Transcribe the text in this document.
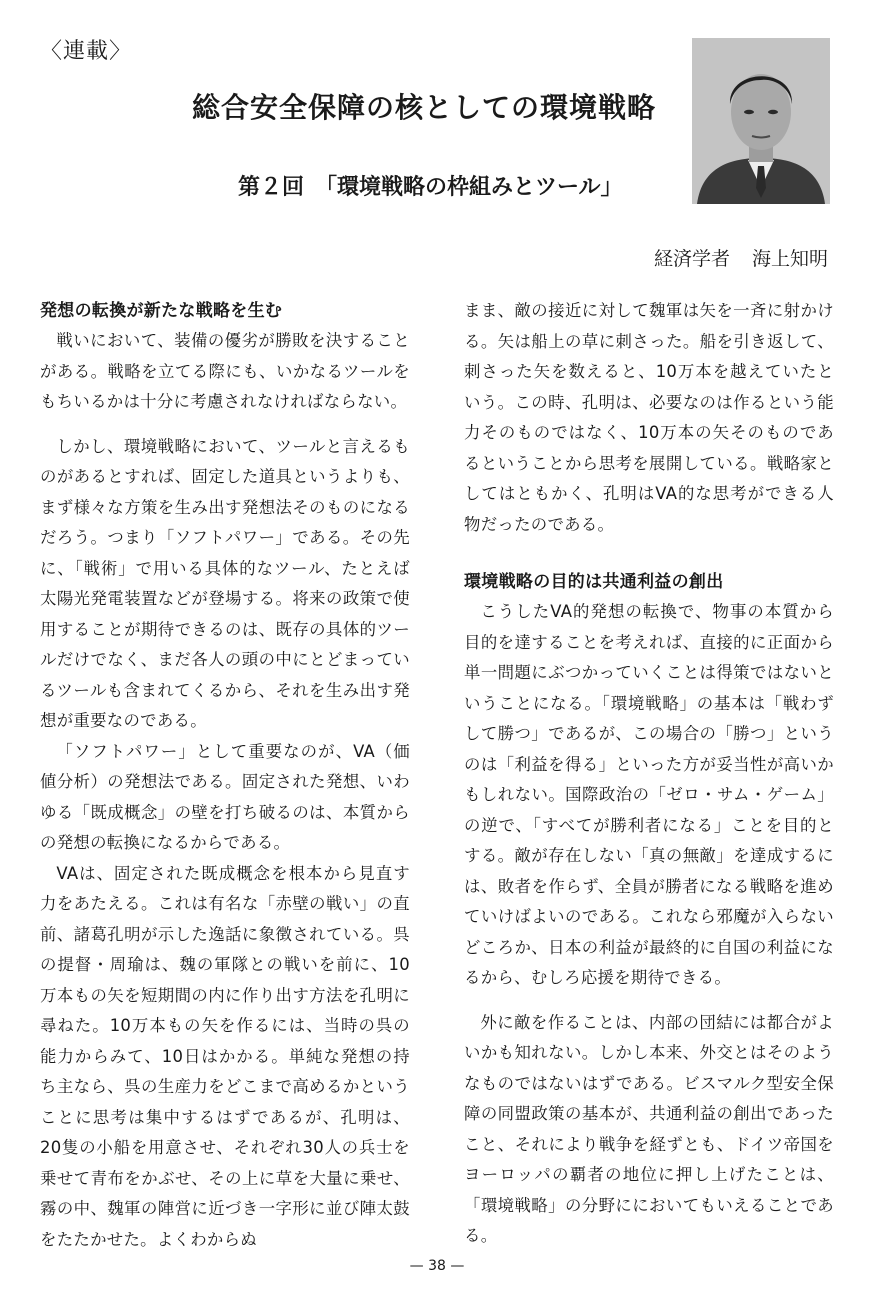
〈連載〉
総合安全保障の核としての環境戦略
第２回　「環境戦略の枠組みとツール」
経済学者 海上知明
発想の転換が新たな戦略を生む

戦いにおいて、装備の優劣が勝敗を決することがある。戦略を立てる際にも、いかなるツールをもちいるかは十分に考慮されなければならない。

しかし、環境戦略において、ツールと言えるものがあるとすれば、固定した道具というよりも、まず様々な方策を生み出す発想法そのものになるだろう。つまり「ソフトパワー」である。その先に、「戦術」で用いる具体的なツール、たとえば太陽光発電装置などが登場する。将来の政策で使用することが期待できるのは、既存の具体的ツールだけでなく、まだ各人の頭の中にとどまっているツールも含まれてくるから、それを生み出す発想が重要なのである。

「ソフトパワー」として重要なのが、VA（価値分析）の発想法である。固定された発想、いわゆる「既成概念」の壁を打ち破るのは、本質からの発想の転換になるからである。

VAは、固定された既成概念を根本から見直す力をあたえる。これは有名な「赤壁の戦い」の直前、諸葛孔明が示した逸話に象徴されている。呉の提督・周瑜は、魏の軍隊との戦いを前に、10万本もの矢を短期間の内に作り出す方法を孔明に尋ねた。10万本もの矢を作るには、当時の呉の能力からみて、10日はかかる。単純な発想の持ち主なら、呉の生産力をどこまで高めるかということに思考は集中するはずであるが、孔明は、20隻の小船を用意させ、それぞれ30人の兵士を乗せて青布をかぶせ、その上に草を大量に乗せ、霧の中、魏軍の陣営に近づき一字形に並び陣太鼓をたたかせた。よくわからぬ

まま、敵の接近に対して魏軍は矢を一斉に射かける。矢は船上の草に刺さった。船を引き返して、刺さった矢を数えると、10万本を越えていたという。この時、孔明は、必要なのは作るという能力そのものではなく、10万本の矢そのものであるということから思考を展開している。戦略家としてはともかく、孔明はVA的な思考ができる人物だったのである。

環境戦略の目的は共通利益の創出

こうしたVA的発想の転換で、物事の本質から目的を達することを考えれば、直接的に正面から単一問題にぶつかっていくことは得策ではないということになる。「環境戦略」の基本は「戦わずして勝つ」であるが、この場合の「勝つ」というのは「利益を得る」といった方が妥当性が高いかもしれない。国際政治の「ゼロ・サム・ゲーム」の逆で、「すべてが勝利者になる」ことを目的とする。敵が存在しない「真の無敵」を達成するには、敗者を作らず、全員が勝者になる戦略を進めていけばよいのである。これなら邪魔が入らないどころか、日本の利益が最終的に自国の利益になるから、むしろ応援を期待できる。

外に敵を作ることは、内部の団結には都合がよいかも知れない。しかし本来、外交とはそのようなものではないはずである。ビスマルク型安全保障の同盟政策の基本が、共通利益の創出であったこと、それにより戦争を経ずとも、ドイツ帝国をヨーロッパの覇者の地位に押し上げたことは、「環境戦略」の分野ににおいてもいえることである。

— 38 —
